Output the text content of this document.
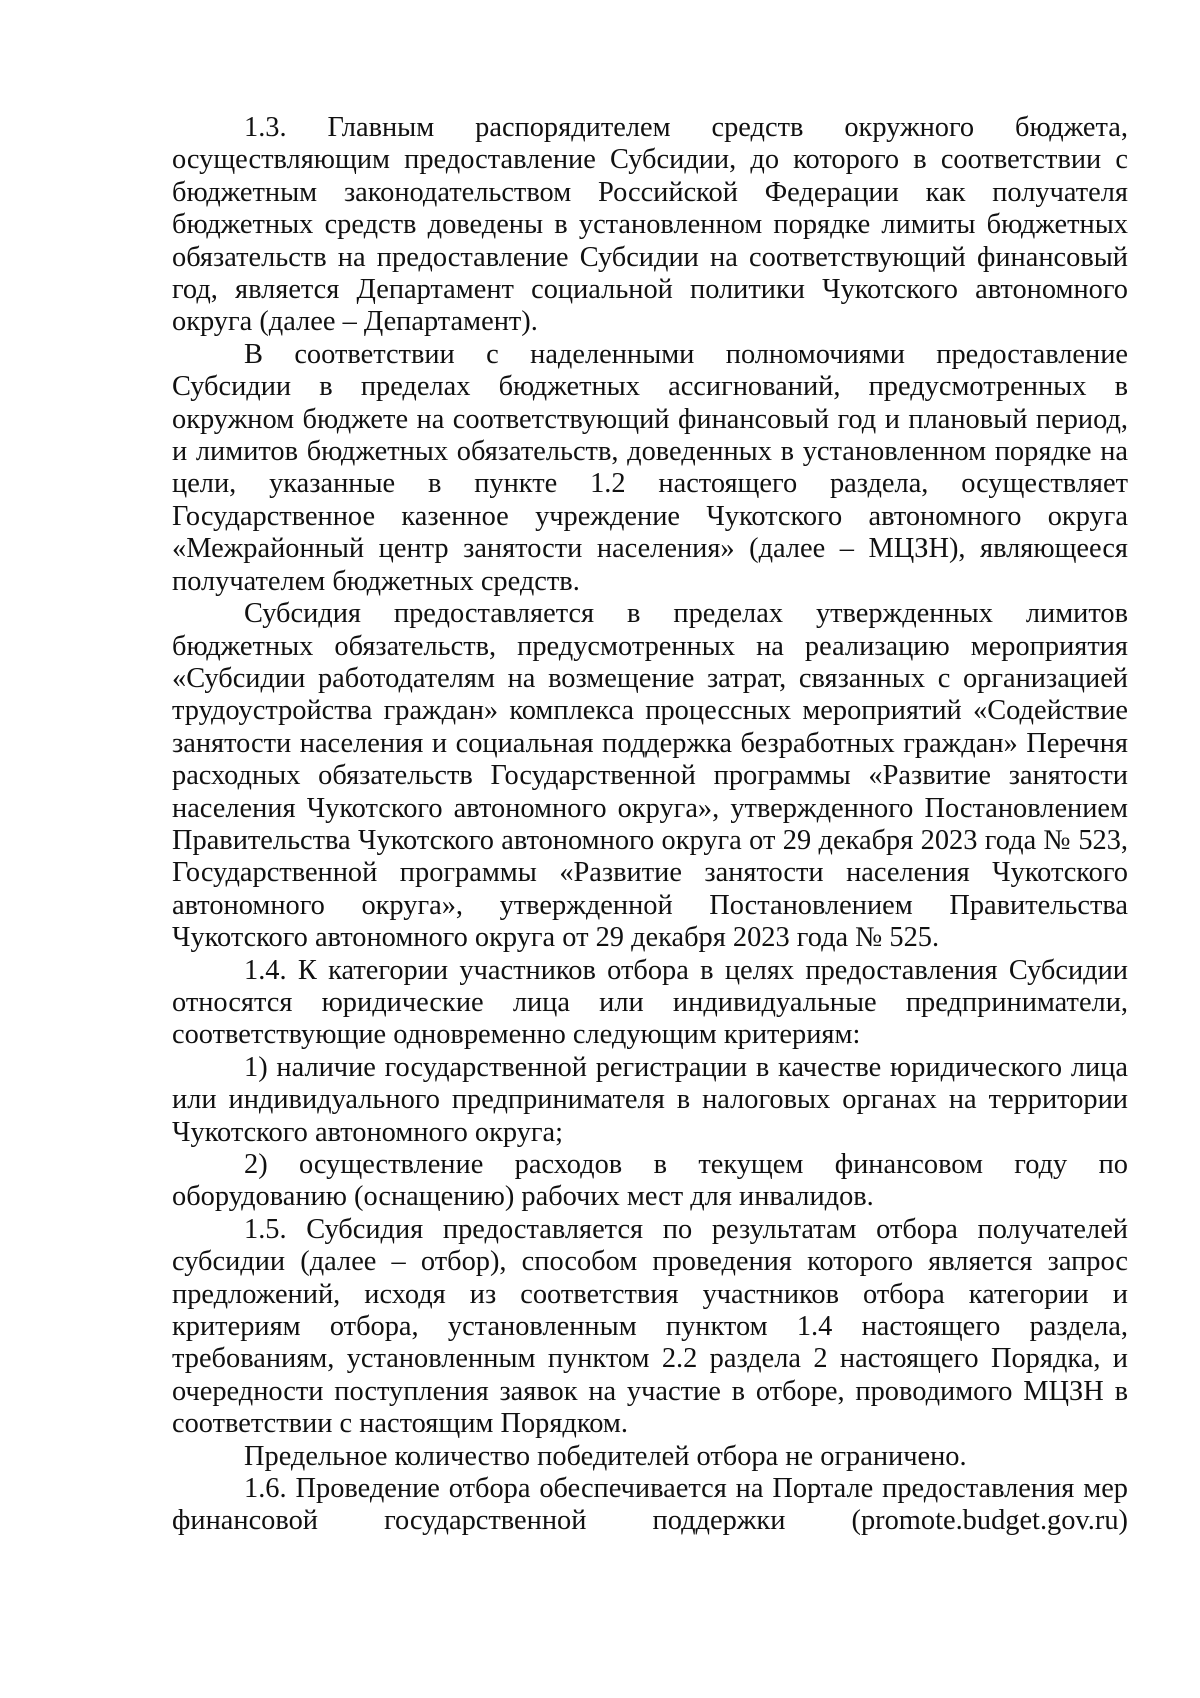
1.3. Главным распорядителем средств окружного бюджета, осуществляющим предоставление Субсидии, до которого в соответствии с бюджетным законодательством Российской Федерации как получателя бюджетных средств доведены в установленном порядке лимиты бюджетных обязательств на предоставление Субсидии на соответствующий финансовый год, является Департамент социальной политики Чукотского автономного округа (далее – Департамент).

В соответствии с наделенными полномочиями предоставление Субсидии в пределах бюджетных ассигнований, предусмотренных в окружном бюджете на соответствующий финансовый год и плановый период, и лимитов бюджетных обязательств, доведенных в установленном порядке на цели, указанные в пункте 1.2 настоящего раздела, осуществляет Государственное казенное учреждение Чукотского автономного округа «Межрайонный центр занятости населения» (далее – МЦЗН), являющееся получателем бюджетных средств.

Субсидия предоставляется в пределах утвержденных лимитов бюджетных обязательств, предусмотренных на реализацию мероприятия «Субсидии работодателям на возмещение затрат, связанных с организацией трудоустройства граждан» комплекса процессных мероприятий «Содействие занятости населения и социальная поддержка безработных граждан» Перечня расходных обязательств Государственной программы «Развитие занятости населения Чукотского автономного округа», утвержденного Постановлением Правительства Чукотского автономного округа от 29 декабря 2023 года № 523, Государственной программы «Развитие занятости населения Чукотского автономного округа», утвержденной Постановлением Правительства Чукотского автономного округа от 29 декабря 2023 года № 525.

1.4. К категории участников отбора в целях предоставления Субсидии относятся юридические лица или индивидуальные предприниматели, соответствующие одновременно следующим критериям:

1) наличие государственной регистрации в качестве юридического лица или индивидуального предпринимателя в налоговых органах на территории Чукотского автономного округа;

2) осуществление расходов в текущем финансовом году по оборудованию (оснащению) рабочих мест для инвалидов.

1.5. Субсидия предоставляется по результатам отбора получателей субсидии (далее – отбор), способом проведения которого является запрос предложений, исходя из соответствия участников отбора категории и критериям отбора, установленным пунктом 1.4 настоящего раздела, требованиям, установленным пунктом 2.2 раздела 2 настоящего Порядка, и очередности поступления заявок на участие в отборе, проводимого МЦЗН в соответствии с настоящим Порядком.

Предельное количество победителей отбора не ограничено.

1.6. Проведение отбора обеспечивается на Портале предоставления мер финансовой государственной поддержки (promote.budget.gov.ru)
